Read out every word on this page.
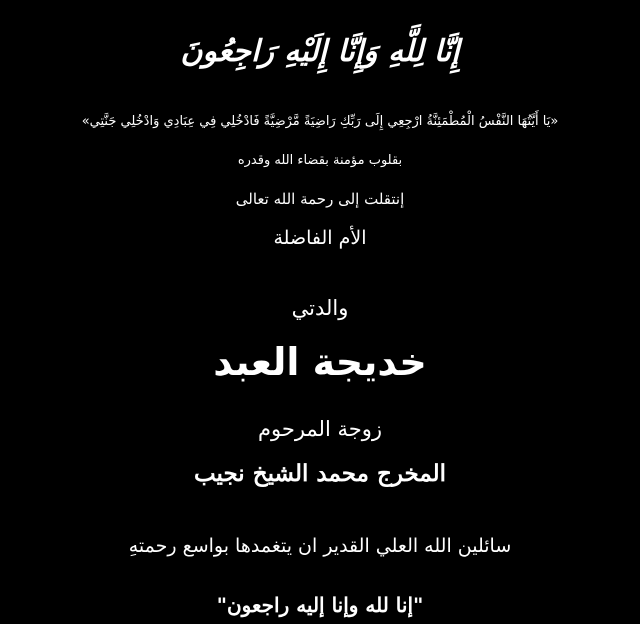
إِنَّا لِلَّهِ وَإِنَّا إِلَيْهِ رَاجِعُونَ
«يَا أَيَّتُهَا النَّفْسُ الْمُطْمَئِنَّةُ ارْجِعِي إِلَى رَبِّكِ رَاضِيَةً مَّرْضِيَّةً فَادْخُلِي فِي عِبَادِي وَادْخُلِي جَنَّتِي»
بقلوب مؤمنة بقضاء الله وقدره
إنتقلت إلى رحمة الله تعالى
الأم الفاضلة
والدتي
خديجة العبد
زوجة المرحوم
المخرج محمد الشيخ نجيب
سائلين الله العلي القدير ان يتغمدها بواسع رحمتهِ
"إنا لله وإنا إليه راجعون"
